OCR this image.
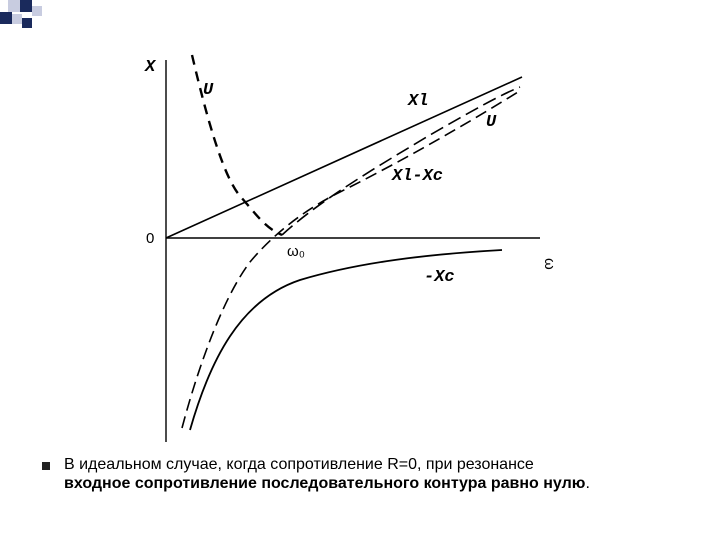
X
U
Xl
U
Xl-Xc
-Xc
0
ω₀
ω
В идеальном случае, когда сопротивление R=0, при резонансе
входное сопротивление последовательного контура равно нулю.
